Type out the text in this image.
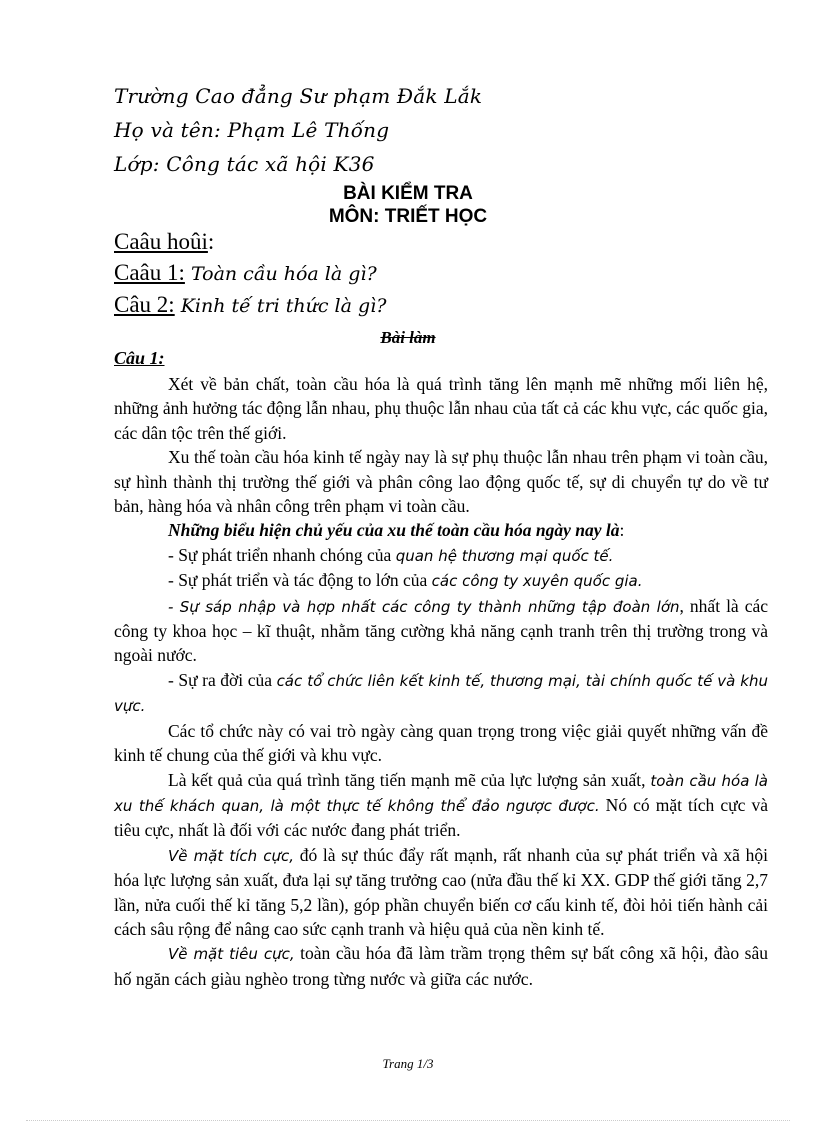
Trường Cao đẳng Sư phạm Đắk Lắk
Họ và tên: Phạm Lê Thống
Lớp: Công tác xã hội K36
BÀI KIỂM TRA
MÔN: TRIẾT HỌC
Caâu hoûi:
Caâu 1: Toàn cầu hóa là gì?
Câu 2: Kinh tế tri thức là gì?
Bài làm
Câu 1:

Xét về bản chất, toàn cầu hóa là quá trình tăng lên mạnh mẽ những mối liên hệ, những ảnh hưởng tác động lẫn nhau, phụ thuộc lẫn nhau của tất cả các khu vực, các quốc gia, các dân tộc trên thế giới.

Xu thế toàn cầu hóa kinh tế ngày nay là sự phụ thuộc lẫn nhau trên phạm vi toàn cầu, sự hình thành thị trường thế giới và phân công lao động quốc tế, sự di chuyển tự do về tư bản, hàng hóa và nhân công trên phạm vi toàn cầu.

Những biểu hiện chủ yếu của xu thế toàn cầu hóa ngày nay là:

- Sự phát triển nhanh chóng của quan hệ thương mại quốc tế.

- Sự phát triển và tác động to lớn của các công ty xuyên quốc gia.

- Sự sáp nhập và hợp nhất các công ty thành những tập đoàn lớn, nhất là các công ty khoa học – kĩ thuật, nhằm tăng cường khả năng cạnh tranh trên thị trường trong và ngoài nước.

- Sự ra đời của các tổ chức liên kết kinh tế, thương mại, tài chính quốc tế và khu vực.

Các tổ chức này có vai trò ngày càng quan trọng trong việc giải quyết những vấn đề kinh tế chung của thế giới và khu vực.

Là kết quả của quá trình tăng tiến mạnh mẽ của lực lượng sản xuất, toàn cầu hóa là xu thế khách quan, là một thực tế không thể đảo ngược được. Nó có mặt tích cực và tiêu cực, nhất là đối với các nước đang phát triển.

Về mặt tích cực, đó là sự thúc đẩy rất mạnh, rất nhanh của sự phát triển và xã hội hóa lực lượng sản xuất, đưa lại sự tăng trưởng cao (nửa đầu thế kỉ XX. GDP thế giới tăng 2,7 lần, nửa cuối thế kỉ tăng 5,2 lần), góp phần chuyển biến cơ cấu kinh tế, đòi hỏi tiến hành cải cách sâu rộng để nâng cao sức cạnh tranh và hiệu quả của nền kinh tế.

Về mặt tiêu cực, toàn cầu hóa đã làm trầm trọng thêm sự bất công xã hội, đào sâu hố ngăn cách giàu nghèo trong từng nước và giữa các nước.

Trang 1/3
